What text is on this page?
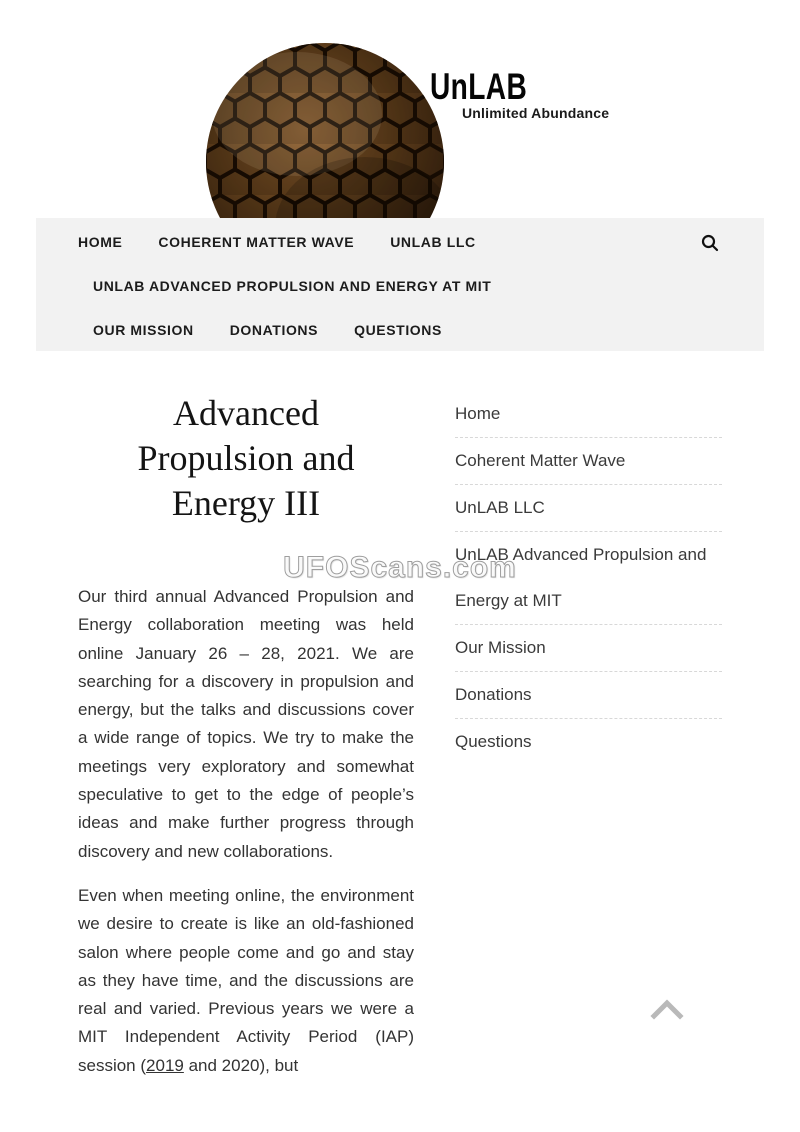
UnLAB
Unlimited Abundance
HOME	COHERENT MATTER WAVE	UNLAB LLC
UNLAB ADVANCED PROPULSION AND ENERGY AT MIT
OUR MISSION	DONATIONS	QUESTIONS
Advanced Propulsion and Energy III

Our third annual Advanced Propulsion and Energy collaboration meeting was held online January 26 – 28, 2021. We are searching for a discovery in propulsion and energy, but the talks and discussions cover a wide range of topics. We try to make the meetings very exploratory and somewhat speculative to get to the edge of people’s ideas and make further progress through discovery and new collaborations.

Even when meeting online, the environment we desire to create is like an old-fashioned salon where people come and go and stay as they have time, and the discussions are real and varied. Previous years we were a MIT Independent Activity Period (IAP) session (2019 and 2020), but

Home
Coherent Matter Wave
UnLAB LLC
UnLAB Advanced Propulsion and Energy at MIT
Our Mission
Donations
Questions
UFOScans.com
